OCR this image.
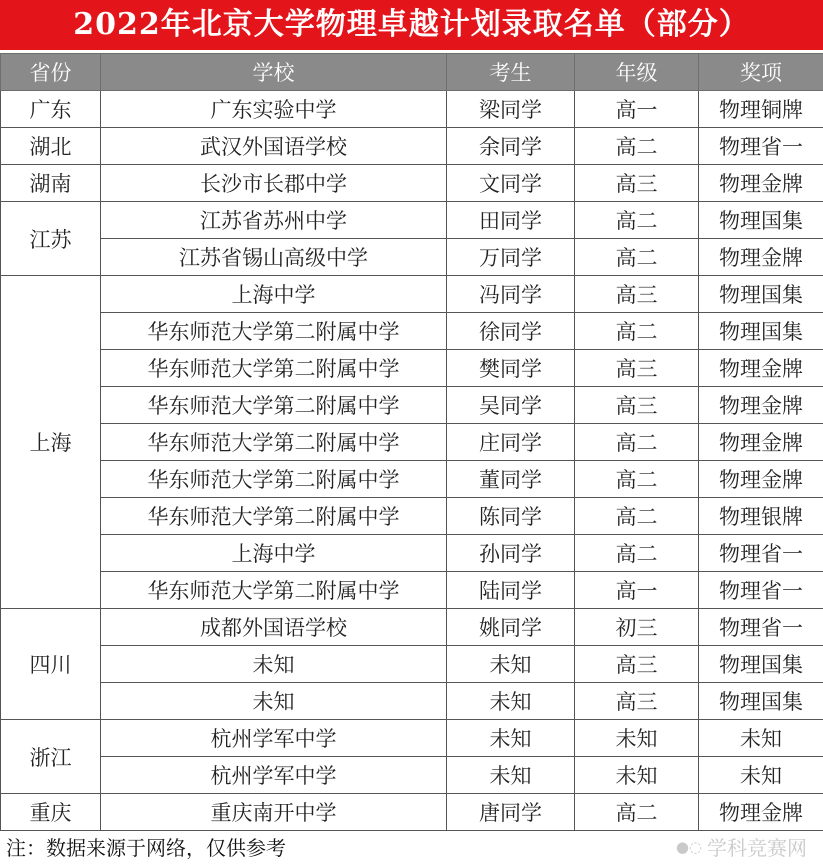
2022年北京大学物理卓越计划录取名单（部分）
省份	学校	考生	年级	奖项
广东	广东实验中学	梁同学	高一	物理铜牌
湖北	武汉外国语学校	余同学	高二	物理省一
湖南	长沙市长郡中学	文同学	高三	物理金牌
江苏	江苏省苏州中学	田同学	高二	物理国集
	江苏省锡山高级中学	万同学	高二	物理金牌
上海	上海中学	冯同学	高三	物理国集
	华东师范大学第二附属中学	徐同学	高二	物理国集
	华东师范大学第二附属中学	樊同学	高三	物理金牌
	华东师范大学第二附属中学	吴同学	高三	物理金牌
	华东师范大学第二附属中学	庄同学	高二	物理金牌
	华东师范大学第二附属中学	董同学	高二	物理金牌
	华东师范大学第二附属中学	陈同学	高二	物理银牌
	上海中学	孙同学	高二	物理省一
	华东师范大学第二附属中学	陆同学	高一	物理省一
四川	成都外国语学校	姚同学	初三	物理省一
	未知	未知	高三	物理国集
	未知	未知	高三	物理国集
浙江	杭州学军中学	未知	未知	未知
	杭州学军中学	未知	未知	未知
重庆	重庆南开中学	唐同学	高二	物理金牌
注：数据来源于网络，仅供参考	●◌ 学科竞赛网
